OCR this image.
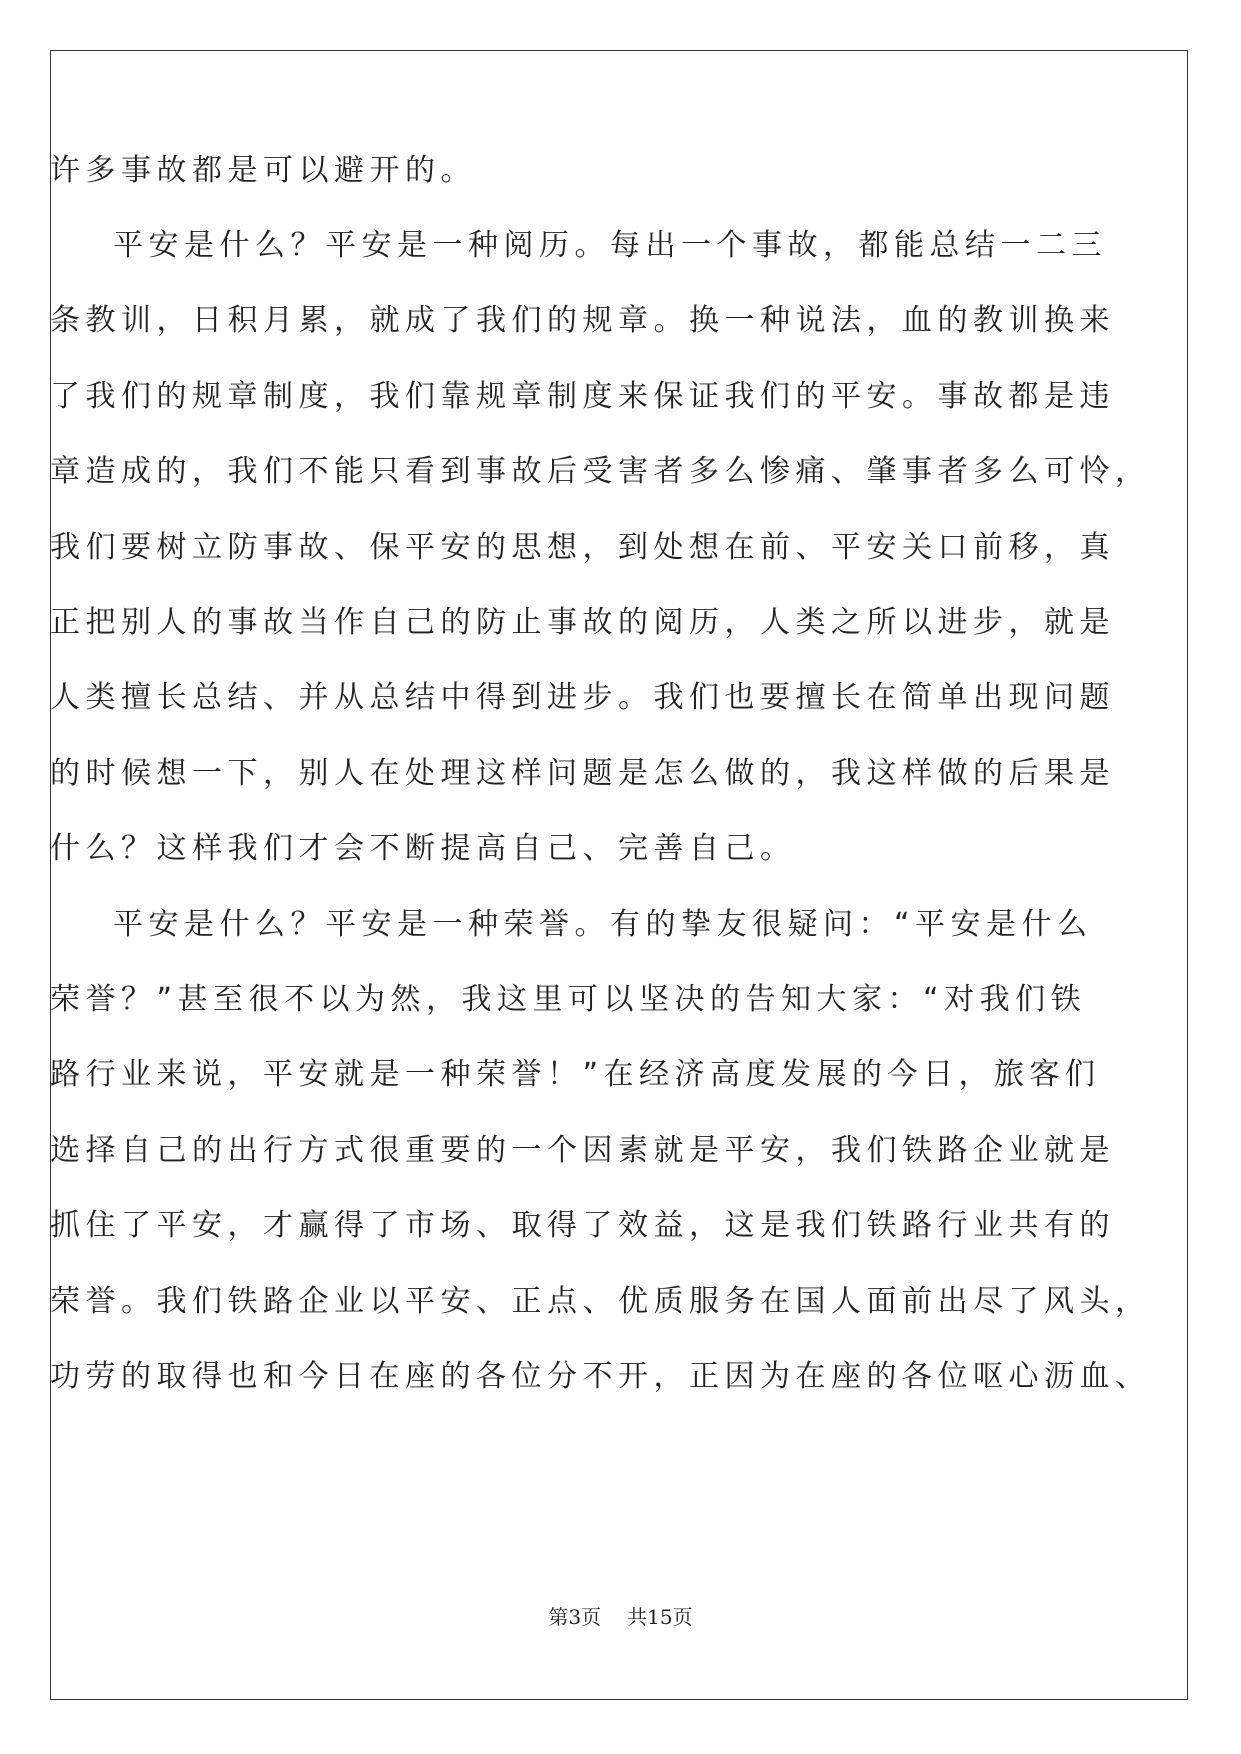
许多事故都是可以避开的。
平安是什么？平安是一种阅历。每出一个事故，都能总结一二三
条教训，日积月累，就成了我们的规章。换一种说法，血的教训换来
了我们的规章制度，我们靠规章制度来保证我们的平安。事故都是违
章造成的，我们不能只看到事故后受害者多么惨痛、肇事者多么可怜，
我们要树立防事故、保平安的思想，到处想在前、平安关口前移，真
正把别人的事故当作自己的防止事故的阅历，人类之所以进步，就是
人类擅长总结、并从总结中得到进步。我们也要擅长在简单出现问题
的时候想一下，别人在处理这样问题是怎么做的，我这样做的后果是
什么？这样我们才会不断提高自己、完善自己。
平安是什么？平安是一种荣誉。有的挚友很疑问：“平安是什么
荣誉？”甚至很不以为然，我这里可以坚决的告知大家：“对我们铁
路行业来说，平安就是一种荣誉！”在经济高度发展的今日，旅客们
选择自己的出行方式很重要的一个因素就是平安，我们铁路企业就是
抓住了平安，才赢得了市场、取得了效益，这是我们铁路行业共有的
荣誉。我们铁路企业以平安、正点、优质服务在国人面前出尽了风头，
功劳的取得也和今日在座的各位分不开，正因为在座的各位呕心沥血、
第3页 共15页
